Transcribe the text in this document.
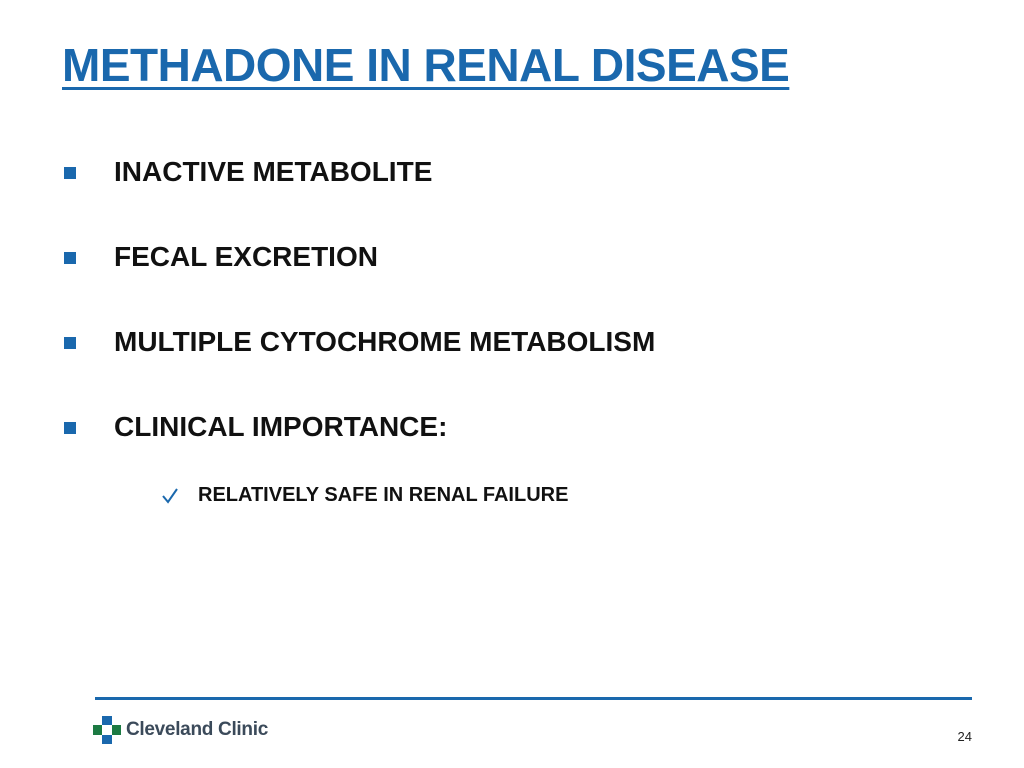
METHADONE IN RENAL DISEASE
INACTIVE METABOLITE
FECAL EXCRETION
MULTIPLE CYTOCHROME METABOLISM
CLINICAL IMPORTANCE:
RELATIVELY SAFE IN RENAL FAILURE
Cleveland Clinic	24
